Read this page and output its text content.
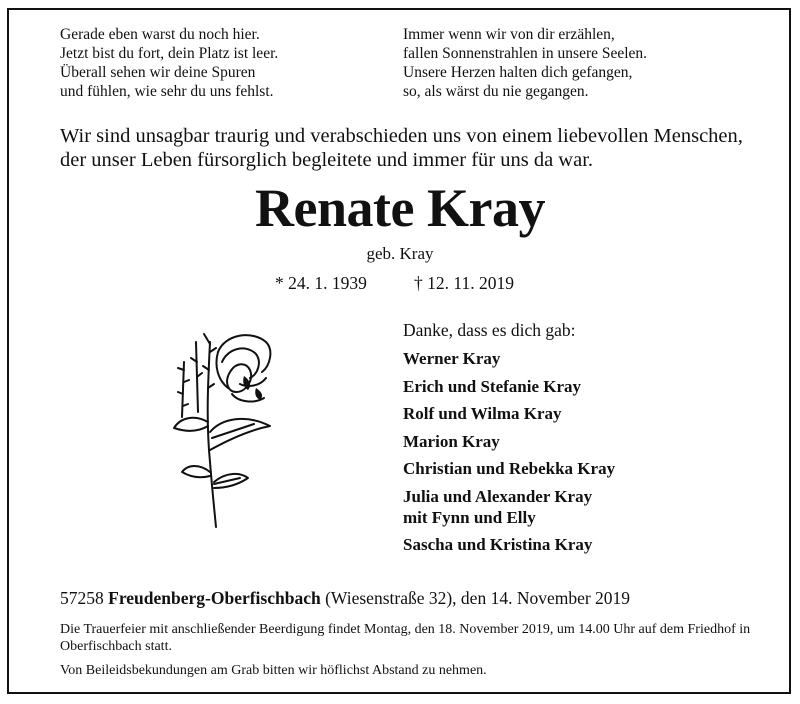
Gerade eben warst du noch hier.
Jetzt bist du fort, dein Platz ist leer.
Überall sehen wir deine Spuren
und fühlen, wie sehr du uns fehlst.
Immer wenn wir von dir erzählen,
fallen Sonnenstrahlen in unsere Seelen.
Unsere Herzen halten dich gefangen,
so, als wärst du nie gegangen.
Wir sind unsagbar traurig und verabschieden uns von einem liebevollen Menschen, der unser Leben fürsorglich begleitete und immer für uns da war.
Renate Kray
geb. Kray
* 24. 1. 1939	† 12. 11. 2019
Danke, dass es dich gab:
Werner Kray
Erich und Stefanie Kray
Rolf und Wilma Kray
Marion Kray
Christian und Rebekka Kray
Julia und Alexander Kray
mit Fynn und Elly
Sascha und Kristina Kray
57258 Freudenberg-Oberfischbach (Wiesenstraße 32), den 14. November 2019
Die Trauerfeier mit anschließender Beerdigung findet Montag, den 18. November 2019, um 14.00 Uhr auf dem Friedhof in Oberfischbach statt.
Von Beileidsbekundungen am Grab bitten wir höflichst Abstand zu nehmen.
